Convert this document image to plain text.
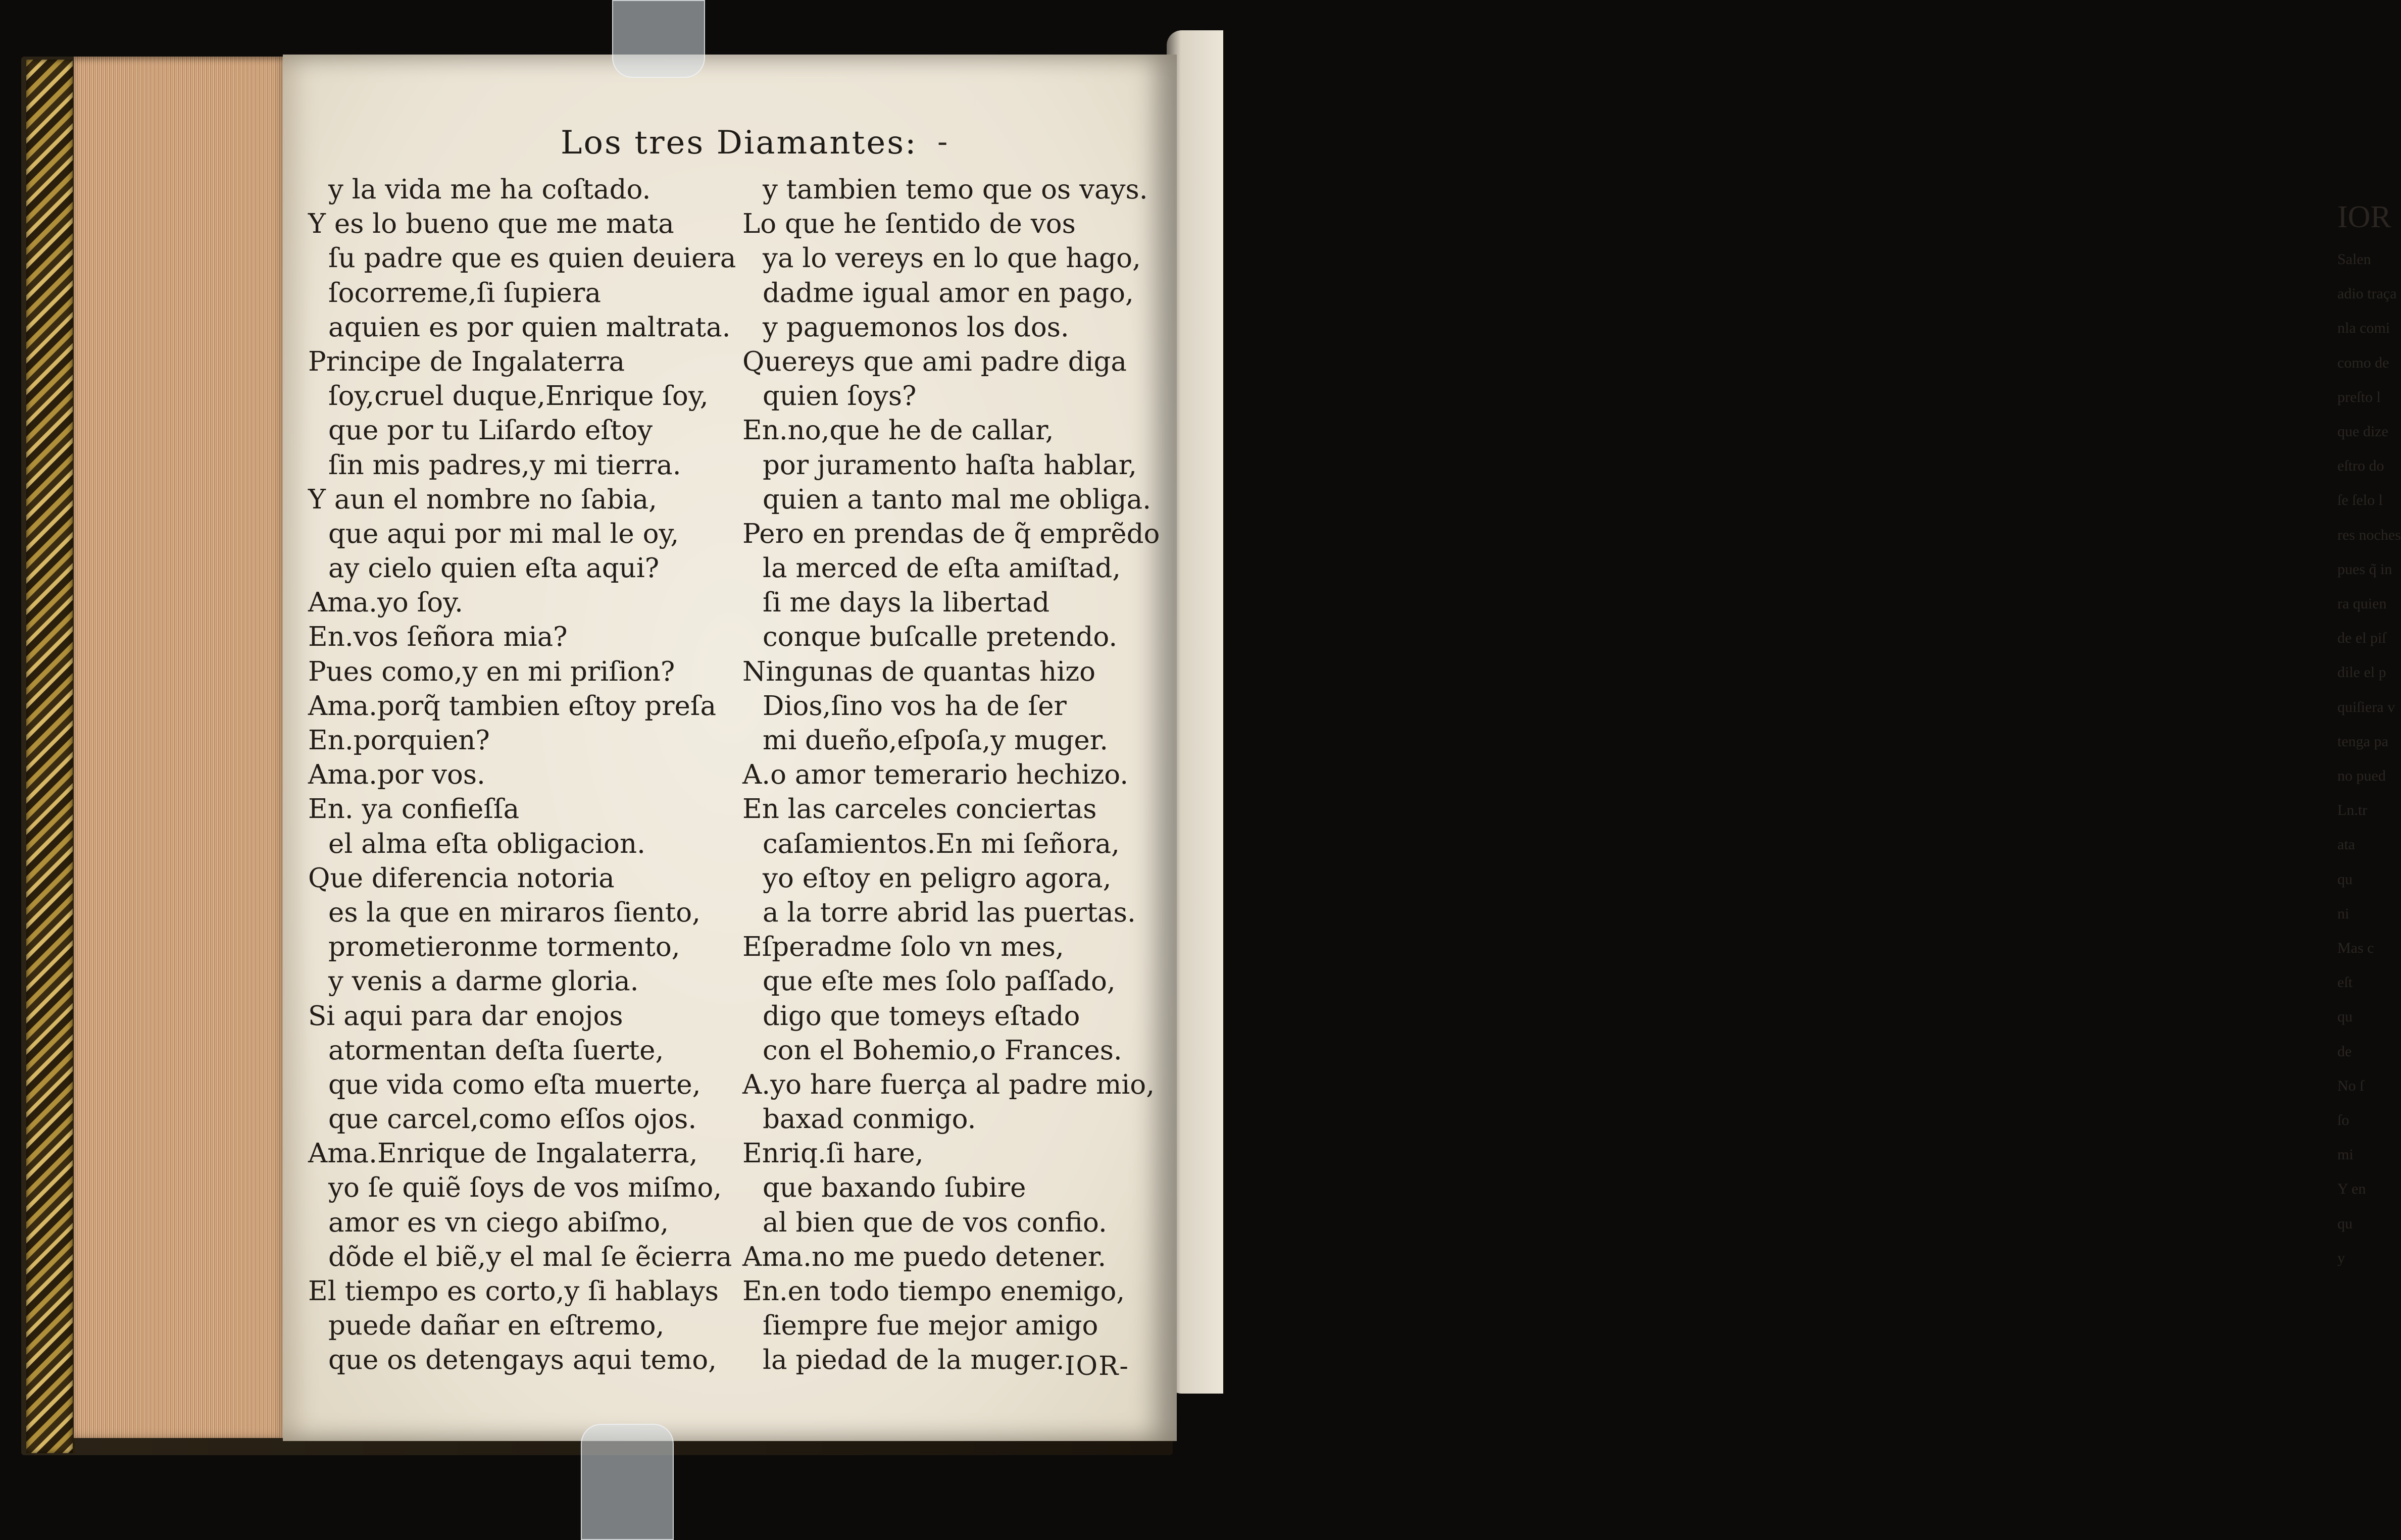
IOR
Salen
adio traça
nla comi
como de
preſto l
que dize
eſtro do
ſe ſelo l
res noches
pues q̃ in
ra quien
de el piſ
dile el p
quiſiera v
tenga pa
no pued
Ln.tr
ata
qu
ni
Mas c
eſt
qu
de
No ſ
ſo
mi
Y en
qu
y
Los tres Diamantes: -
y la vida me ha coſtado.
Y es lo bueno que me mata
ſu padre que es quien deuiera
ſocorreme,ſi ſupiera
aquien es por quien maltrata.
Principe de Ingalaterra
ſoy,cruel duque,Enrique ſoy,
que por tu Liſardo eſtoy
ſin mis padres,y mi tierra.
Y aun el nombre no ſabia,
que aqui por mi mal le oy,
ay cielo quien eſta aqui?
Ama.yo ſoy.
En.vos ſeñora mia?
Pues como,y en mi priſion?
Ama.porq̃ tambien eſtoy preſa
En.porquien?
Ama.por vos.
En. ya confieſſa
el alma eſta obligacion.
Que diferencia notoria
es la que en miraros ſiento,
prometieronme tormento,
y venis a darme gloria.
Si aqui para dar enojos
atormentan deſta ſuerte,
que vida como eſta muerte,
que carcel,como eſſos ojos.
Ama.Enrique de Ingalaterra,
yo ſe quiẽ ſoys de vos miſmo,
amor es vn ciego abiſmo,
dõde el biẽ,y el mal ſe ẽcierra
El tiempo es corto,y ſi hablays
puede dañar en eſtremo,
que os detengays aqui temo,
y tambien temo que os vays.
Lo que he ſentido de vos
ya lo vereys en lo que hago,
dadme igual amor en pago,
y paguemonos los dos.
Quereys que ami padre diga
quien ſoys?
En.no,que he de callar,
por juramento haſta hablar,
quien a tanto mal me obliga.
Pero en prendas de q̃ emprẽdo
la merced de eſta amiſtad,
ſi me days la libertad
conque buſcalle pretendo.
Ningunas de quantas hizo
Dios,ſino vos ha de ſer
mi dueño,eſpoſa,y muger.
A.o amor temerario hechizo.
En las carceles conciertas
caſamientos.En mi ſeñora,
yo eſtoy en peligro agora,
a la torre abrid las puertas.
Eſperadme ſolo vn mes,
que eſte mes ſolo paſſado,
digo que tomeys eſtado
con el Bohemio,o Frances.
A.yo hare fuerça al padre mio,
baxad conmigo.
Enriq.ſi hare,
que baxando ſubire
al bien que de vos confio.
Ama.no me puedo detener.
En.en todo tiempo enemigo,
ſiempre fue mejor amigo
la piedad de la muger. IOR-
